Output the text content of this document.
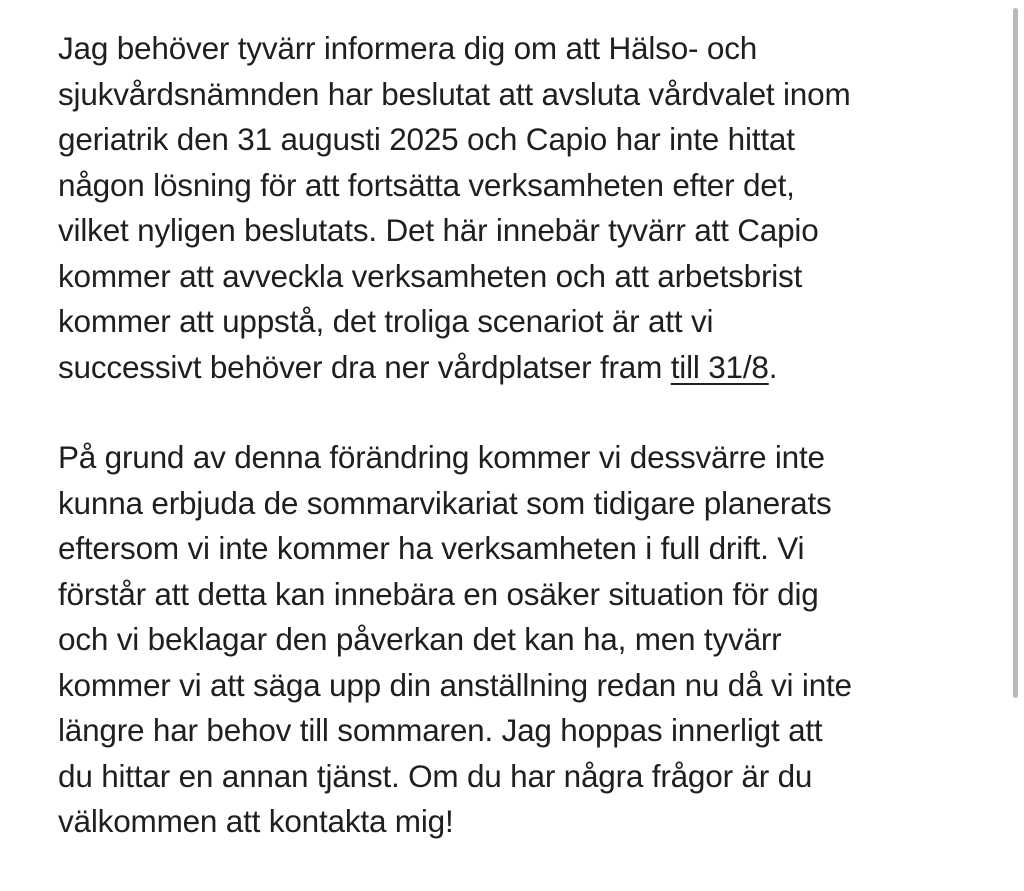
Jag behöver tyvärr informera dig om att Hälso- och
sjukvårdsnämnden har beslutat att avsluta vårdvalet inom
geriatrik den 31 augusti 2025 och Capio har inte hittat
någon lösning för att fortsätta verksamheten efter det,
vilket nyligen beslutats. Det här innebär tyvärr att Capio
kommer att avveckla verksamheten och att arbetsbrist
kommer att uppstå, det troliga scenariot är att vi
successivt behöver dra ner vårdplatser fram till 31/8.

På grund av denna förändring kommer vi dessvärre inte
kunna erbjuda de sommarvikariat som tidigare planerats
eftersom vi inte kommer ha verksamheten i full drift. Vi
förstår att detta kan innebära en osäker situation för dig
och vi beklagar den påverkan det kan ha, men tyvärr
kommer vi att säga upp din anställning redan nu då vi inte
längre har behov till sommaren. Jag hoppas innerligt att
du hittar en annan tjänst. Om du har några frågor är du
välkommen att kontakta mig!
